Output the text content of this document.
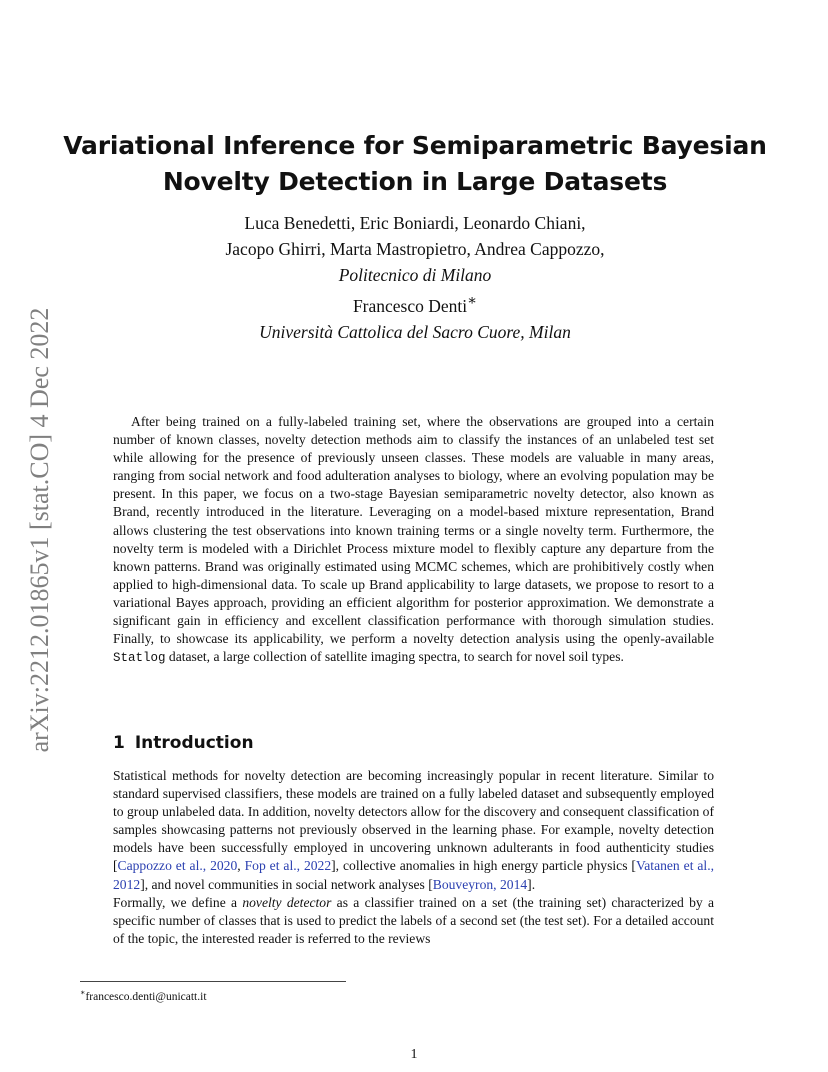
arXiv:2212.01865v1 [stat.CO] 4 Dec 2022
Variational Inference for Semiparametric Bayesian
Novelty Detection in Large Datasets
Luca Benedetti, Eric Boniardi, Leonardo Chiani,
Jacopo Ghirri, Marta Mastropietro, Andrea Cappozzo,
Politecnico di Milano
Francesco Denti∗
Università Cattolica del Sacro Cuore, Milan

After being trained on a fully-labeled training set, where the observations are grouped into a certain number of known classes, novelty detection methods aim to classify the instances of an unlabeled test set while allowing for the presence of previously unseen classes. These models are valuable in many areas, ranging from social network and food adulteration analyses to biology, where an evolving population may be present. In this paper, we focus on a two-stage Bayesian semiparametric novelty detector, also known as Brand, recently introduced in the literature. Leveraging on a model-based mixture representation, Brand allows clustering the test observations into known training terms or a single novelty term. Furthermore, the novelty term is modeled with a Dirichlet Process mixture model to flexibly capture any departure from the known patterns. Brand was originally estimated using MCMC schemes, which are prohibitively costly when applied to high-dimensional data. To scale up Brand applicability to large datasets, we propose to resort to a variational Bayes approach, providing an efficient algorithm for posterior approximation. We demonstrate a significant gain in efficiency and excellent classification performance with thorough simulation studies. Finally, to showcase its applicability, we perform a novelty detection analysis using the openly-available Statlog dataset, a large collection of satellite imaging spectra, to search for novel soil types.

1 Introduction

Statistical methods for novelty detection are becoming increasingly popular in recent literature. Similar to standard supervised classifiers, these models are trained on a fully labeled dataset and subsequently employed to group unlabeled data. In addition, novelty detectors allow for the discovery and consequent classification of samples showcasing patterns not previously observed in the learning phase. For example, novelty detection models have been successfully employed in uncovering unknown adulterants in food authenticity studies [Cappozzo et al., 2020, Fop et al., 2022], collective anomalies in high energy particle physics [Vatanen et al., 2012], and novel communities in social network analyses [Bouveyron, 2014].

Formally, we define a novelty detector as a classifier trained on a set (the training set) characterized by a specific number of classes that is used to predict the labels of a second set (the test set). For a detailed account of the topic, the interested reader is referred to the reviews

∗francesco.denti@unicatt.it
1
